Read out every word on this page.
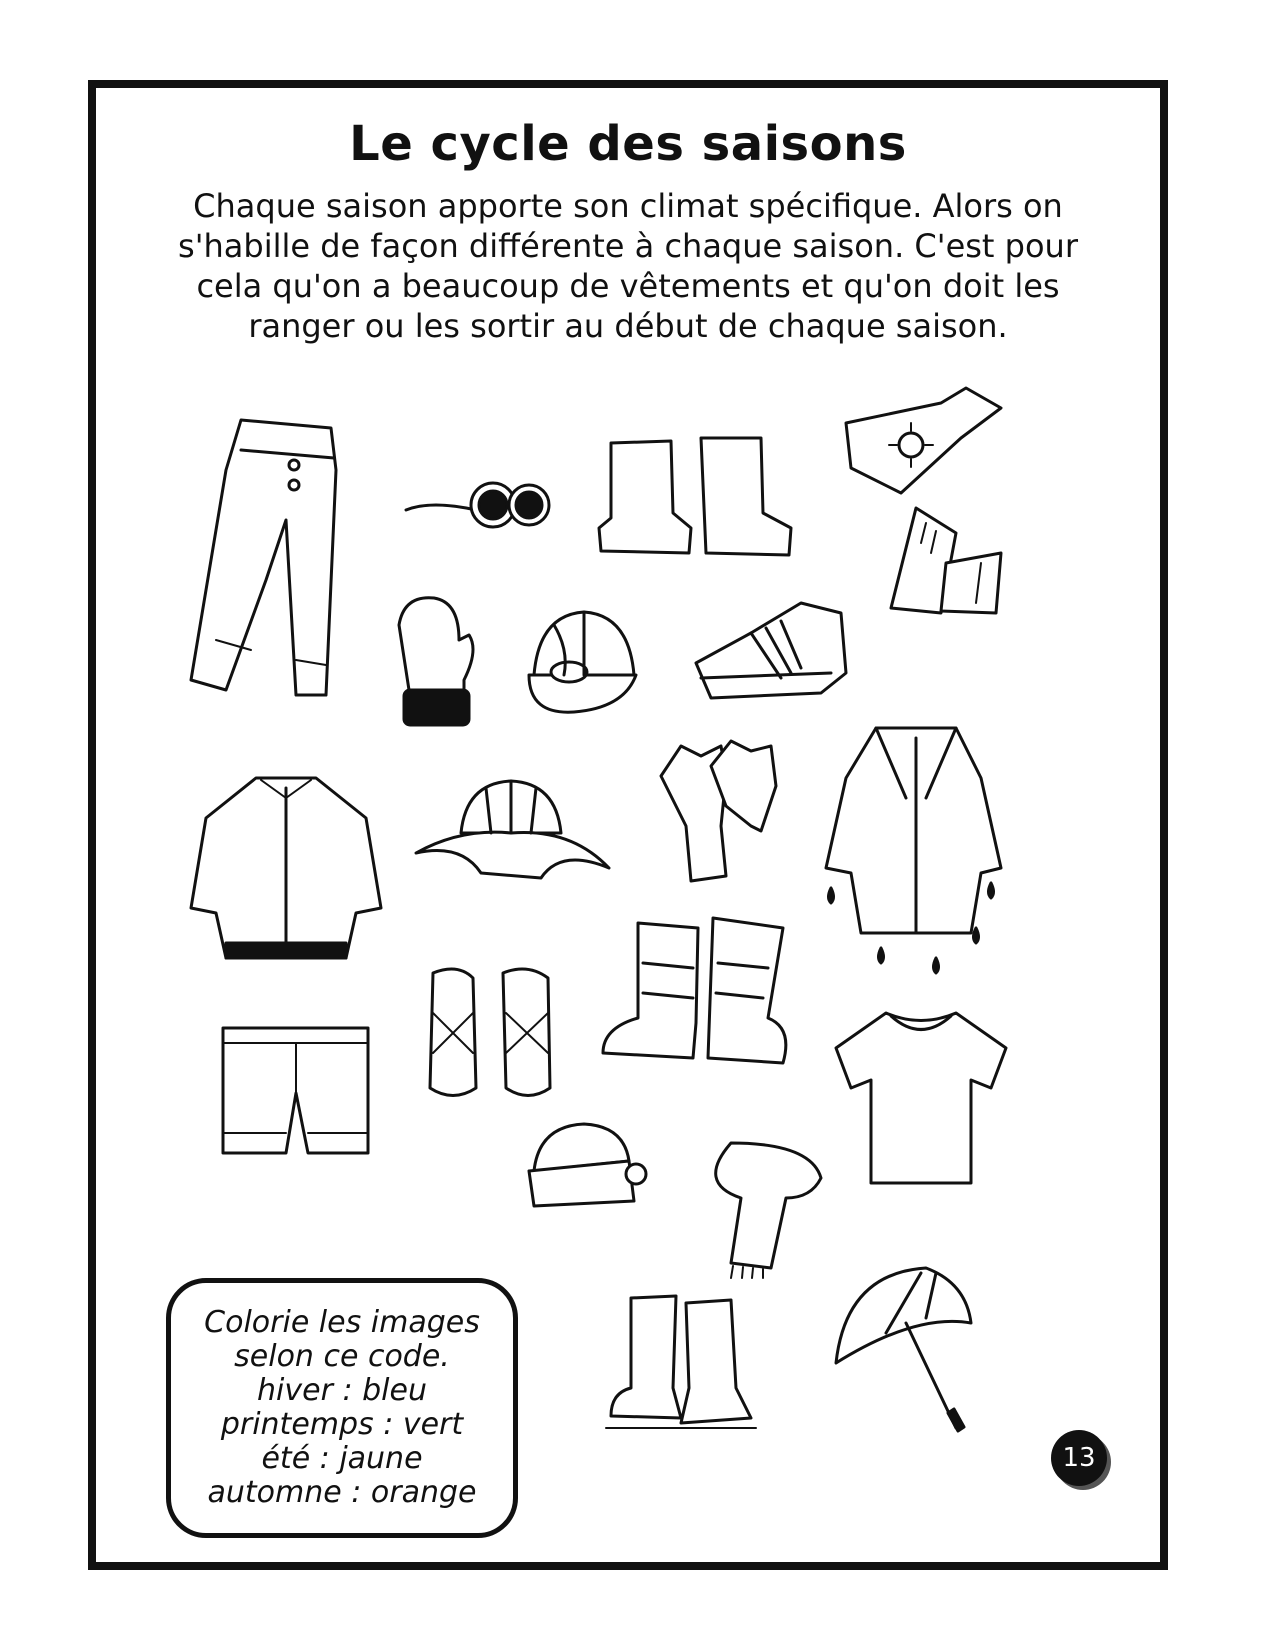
Le cycle des saisons
Chaque saison apporte son climat spécifique. Alors on
s'habille de façon différente à chaque saison. C'est pour
cela qu'on a beaucoup de vêtements et qu'on doit les
ranger ou les sortir au début de chaque saison.
Colorie les images
selon ce code.
hiver : bleu
printemps : vert
été : jaune
automne : orange
13
